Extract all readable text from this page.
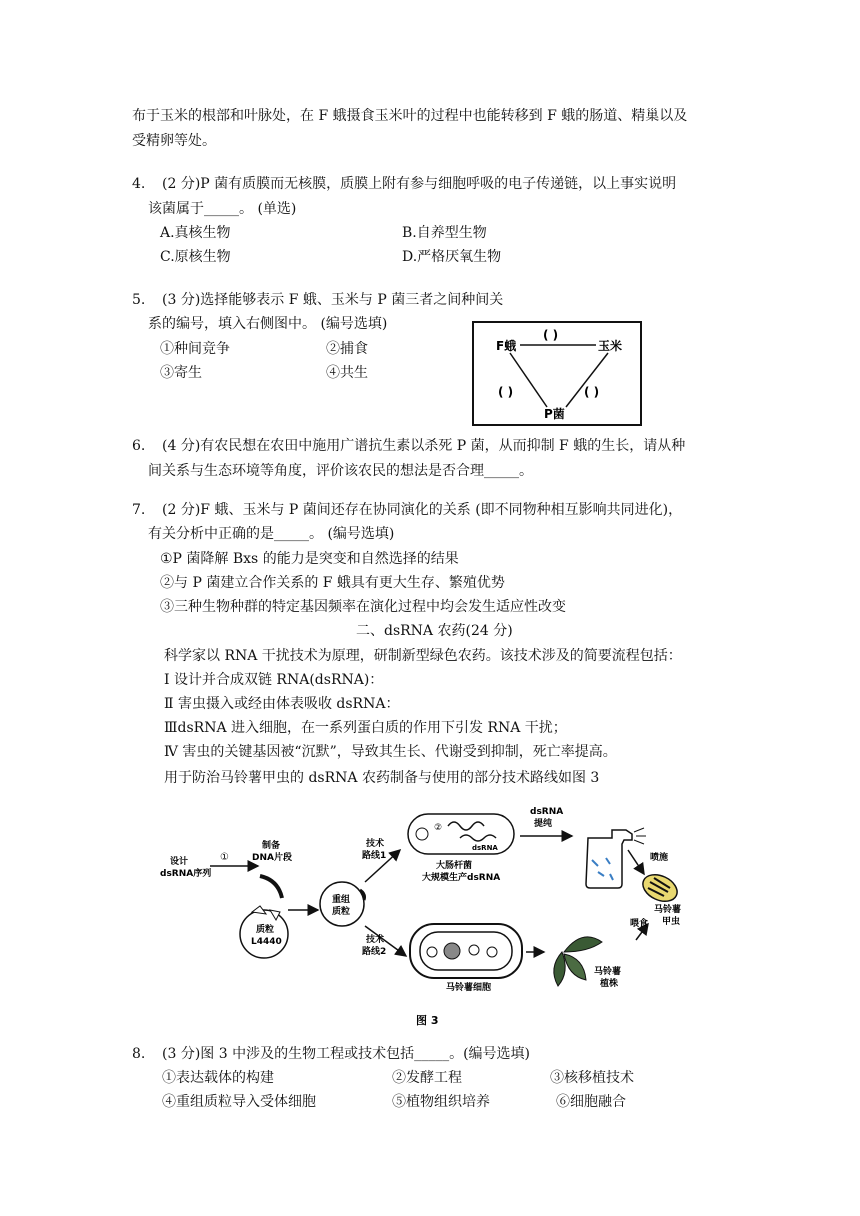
布于玉米的根部和叶脉处，在 F 蛾摄食玉米叶的过程中也能转移到 F 蛾的肠道、精巢以及
受精卵等处。
4. (2 分)P 菌有质膜而无核膜，质膜上附有参与细胞呼吸的电子传递链，以上事实说明
该菌属于_____。 (单选)
A.真核生物	B.自养型生物
C.原核生物	D.严格厌氧生物
5. (3 分)选择能够表示 F 蛾、玉米与 P 菌三者之间种间关
系的编号，填入右侧图中。 (编号选填)
①种间竞争	②捕食
③寄生	④共生
F蛾	玉米
P菌
( )
( )	( )
6. (4 分)有农民想在农田中施用广谱抗生素以杀死 P 菌，从而抑制 F 蛾的生长，请从种
间关系与生态环境等角度，评价该农民的想法是否合理_____。
7. (2 分)F 蛾、玉米与 P 菌间还存在协同演化的关系 (即不同物种相互影响共同进化)，
有关分析中正确的是_____。 (编号选填)
①P 菌降解 Bxs 的能力是突变和自然选择的结果
②与 P 菌建立合作关系的 F 蛾具有更大生存、繁殖优势
③三种生物种群的特定基因频率在演化过程中均会发生适应性改变
二、dsRNA 农药(24 分)
科学家以 RNA 干扰技术为原理，研制新型绿色农药。该技术涉及的简要流程包括：
Ⅰ 设计并合成双链 RNA(dsRNA)：
Ⅱ 害虫摄入或经由体表吸收 dsRNA：
ⅢdsRNA 进入细胞，在一系列蛋白质的作用下引发 RNA 干扰；
Ⅳ 害虫的关键基因被“沉默”，导致其生长、代谢受到抑制，死亡率提高。
用于防治马铃薯甲虫的 dsRNA 农药制备与使用的部分技术路线如图 3
设计
dsRNA序列
①
制备
DNA片段
质粒
L4440
重组
质粒
技术
路线1
技术
路线2
②
dsRNA
大肠杆菌
大规模生产dsRNA
dsRNA
提纯
喷施
马铃薯
甲虫
马铃薯细胞
马铃薯
植株
喂食
图 3
8. (3 分)图 3 中涉及的生物工程或技术包括_____。(编号选填)
①表达载体的构建	②发酵工程	③核移植技术
④重组质粒导入受体细胞	⑤植物组织培养	⑥细胞融合
